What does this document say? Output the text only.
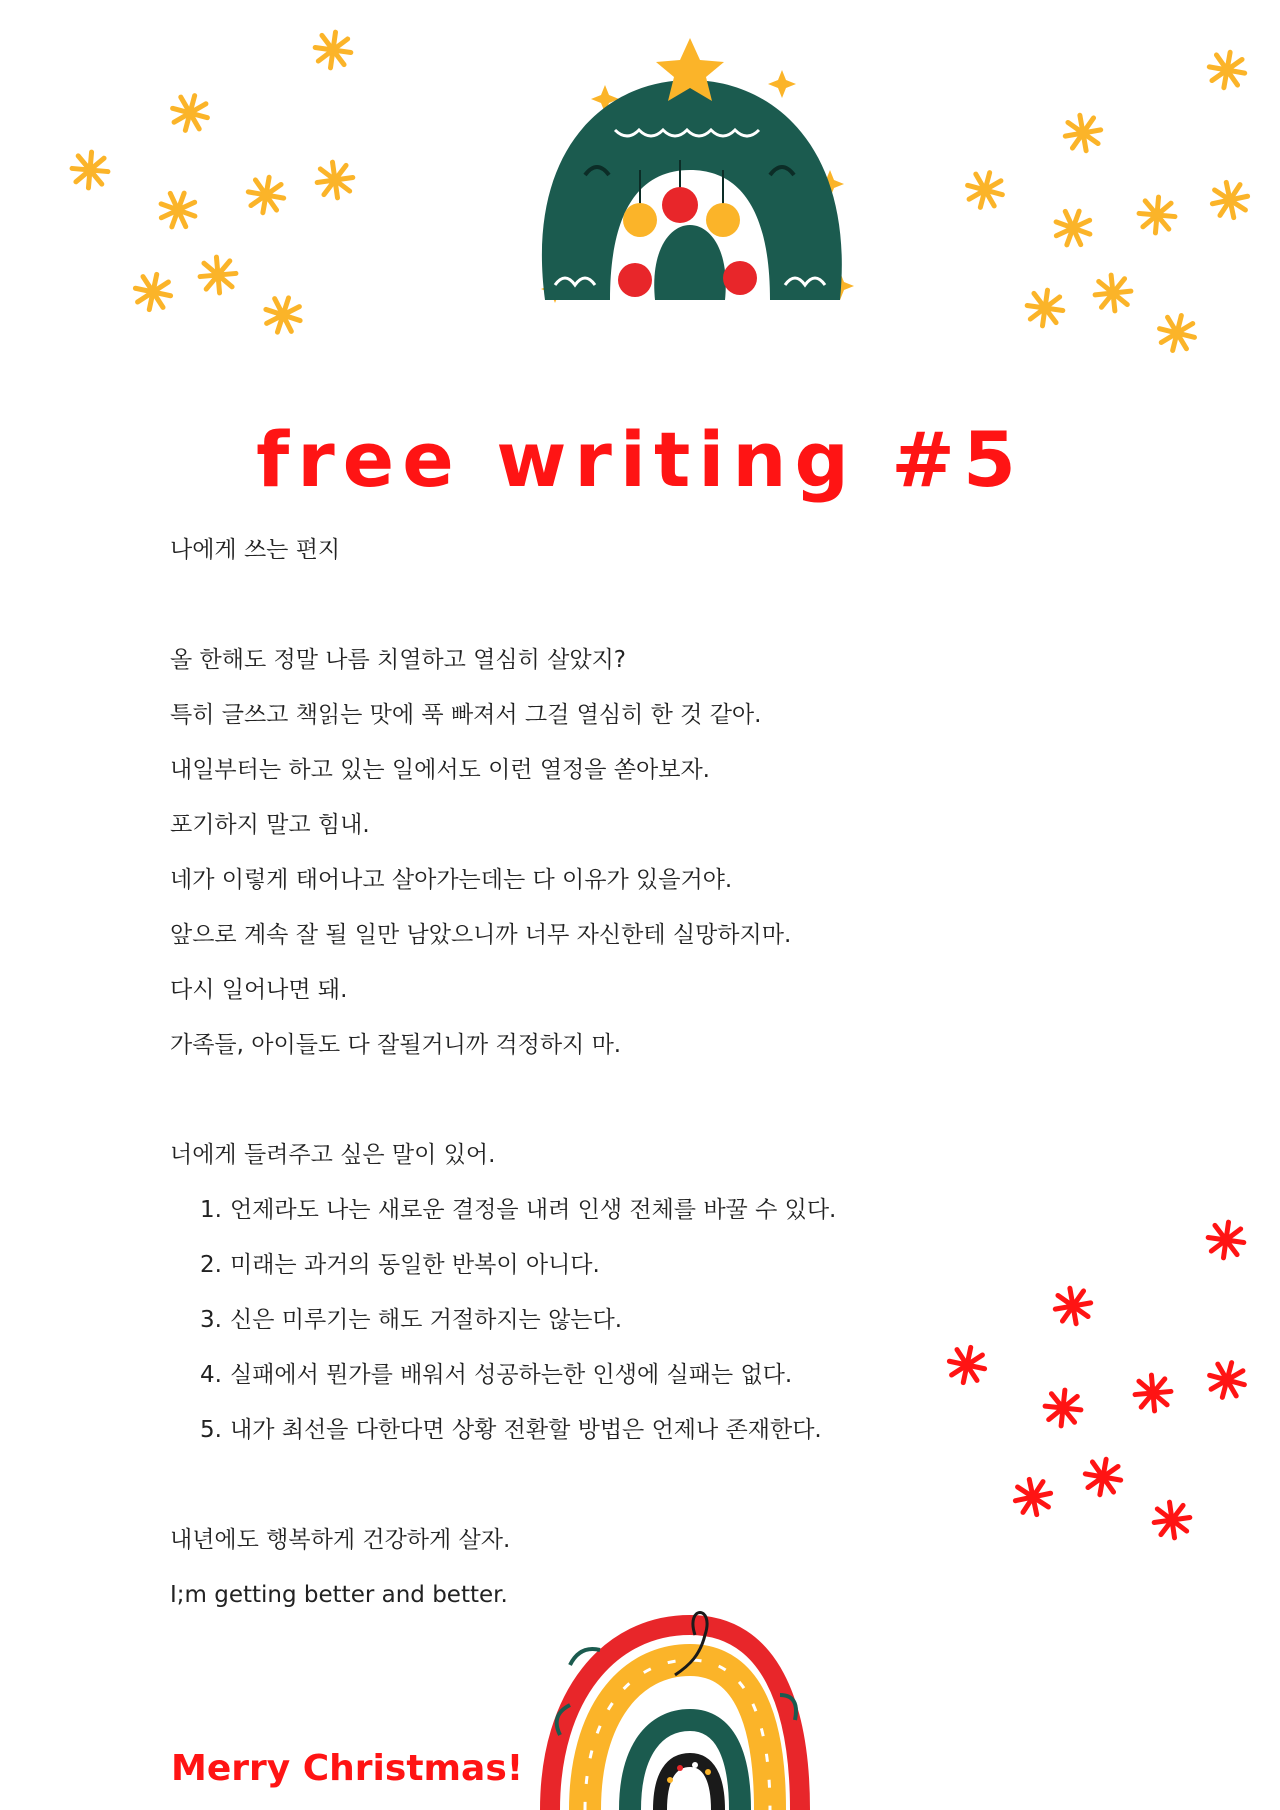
free writing #5
나에게 쓰는 편지
올 한해도 정말 나름 치열하고 열심히 살았지?
특히 글쓰고 책읽는 맛에 푹 빠져서 그걸 열심히 한 것 같아.
내일부터는 하고 있는 일에서도 이런 열정을 쏟아보자.
포기하지 말고 힘내.
네가 이렇게 태어나고 살아가는데는 다 이유가 있을거야.
앞으로 계속 잘 될 일만 남았으니까 너무 자신한테 실망하지마.
다시 일어나면 돼.
가족들, 아이들도 다 잘될거니까 걱정하지 마.
너에게 들려주고 싶은 말이 있어.
1. 언제라도 나는 새로운 결정을 내려 인생 전체를 바꿀 수 있다.
2. 미래는 과거의 동일한 반복이 아니다.
3. 신은 미루기는 해도 거절하지는 않는다.
4. 실패에서 뭔가를 배워서 성공하는한 인생에 실패는 없다.
5. 내가 최선을 다한다면 상황 전환할 방법은 언제나 존재한다.
내년에도 행복하게 건강하게 살자.
I;m getting better and better.
Merry Christmas!
